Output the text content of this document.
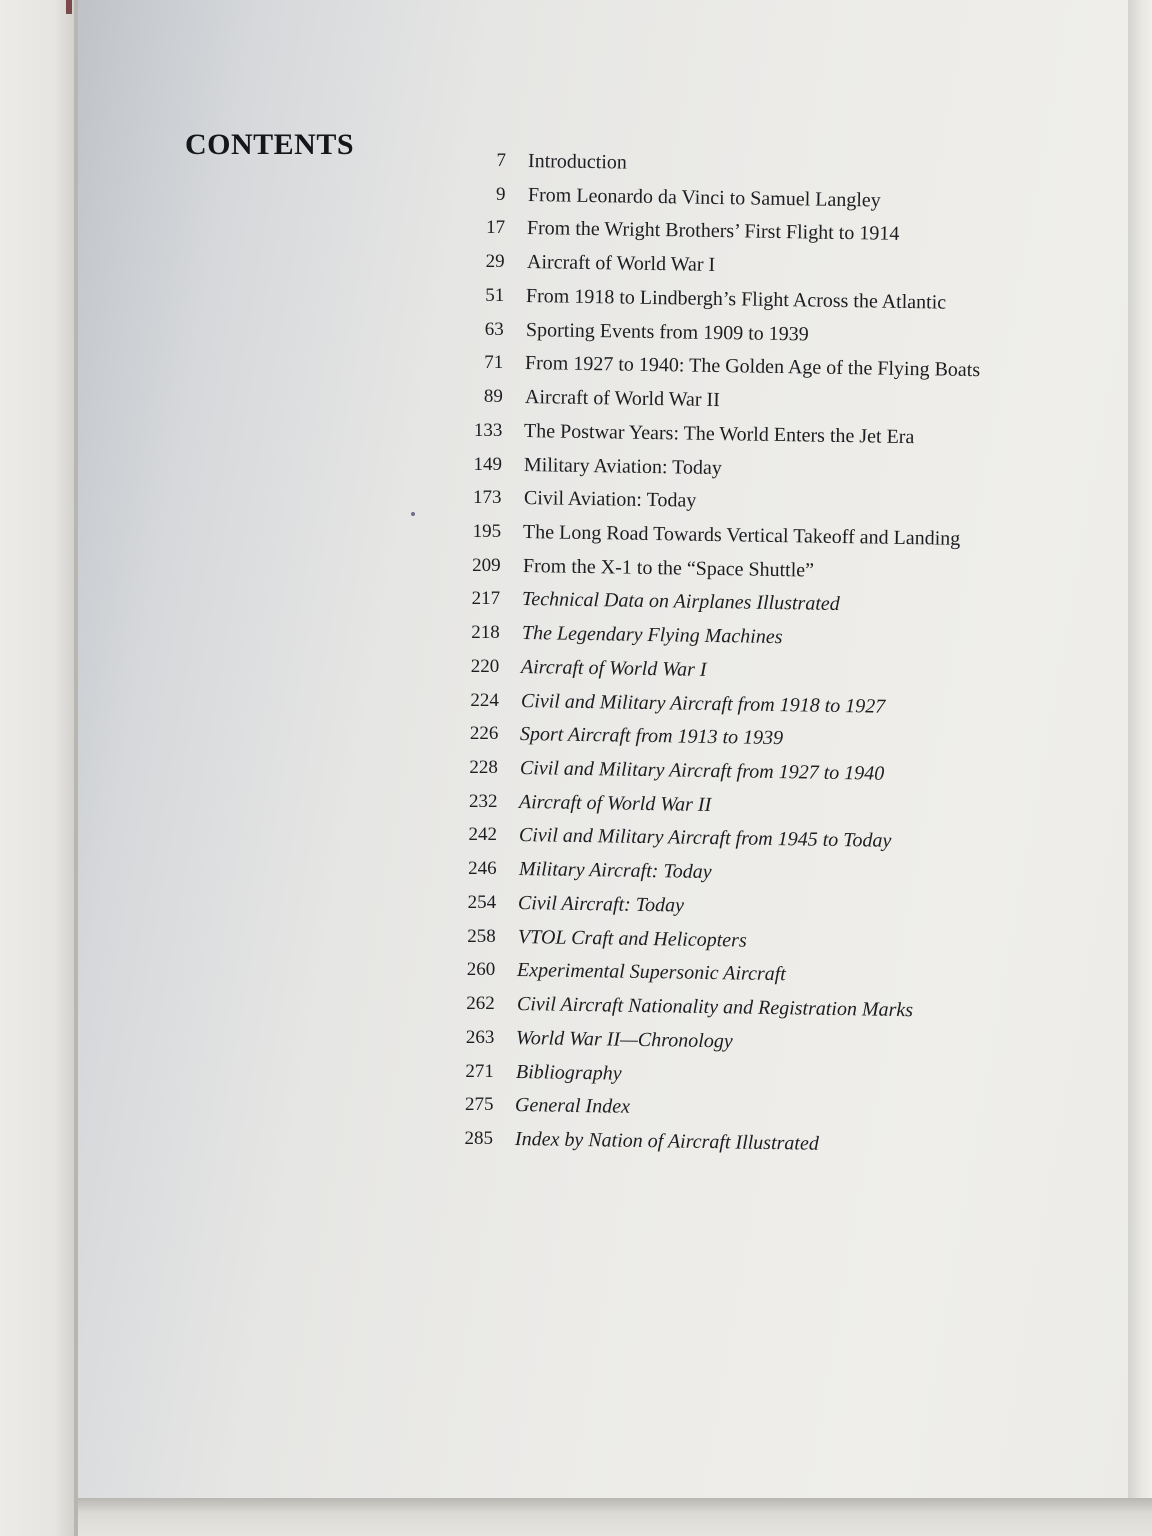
CONTENTS	7 Introduction
9 From Leonardo da Vinci to Samuel Langley
17 From the Wright Brothers’ First Flight to 1914
29 Aircraft of World War I
51 From 1918 to Lindbergh’s Flight Across the Atlantic
63 Sporting Events from 1909 to 1939
71 From 1927 to 1940: The Golden Age of the Flying Boats
89 Aircraft of World War II
133 The Postwar Years: The World Enters the Jet Era
149 Military Aviation: Today
173 Civil Aviation: Today
195 The Long Road Towards Vertical Takeoff and Landing
209 From the X-1 to the “Space Shuttle”
217 Technical Data on Airplanes Illustrated
218 The Legendary Flying Machines
220 Aircraft of World War I
224 Civil and Military Aircraft from 1918 to 1927
226 Sport Aircraft from 1913 to 1939
228 Civil and Military Aircraft from 1927 to 1940
232 Aircraft of World War II
242 Civil and Military Aircraft from 1945 to Today
246 Military Aircraft: Today
254 Civil Aircraft: Today
258 VTOL Craft and Helicopters
260 Experimental Supersonic Aircraft
262 Civil Aircraft Nationality and Registration Marks
263 World War II—Chronology
271 Bibliography
275 General Index
285 Index by Nation of Aircraft Illustrated
